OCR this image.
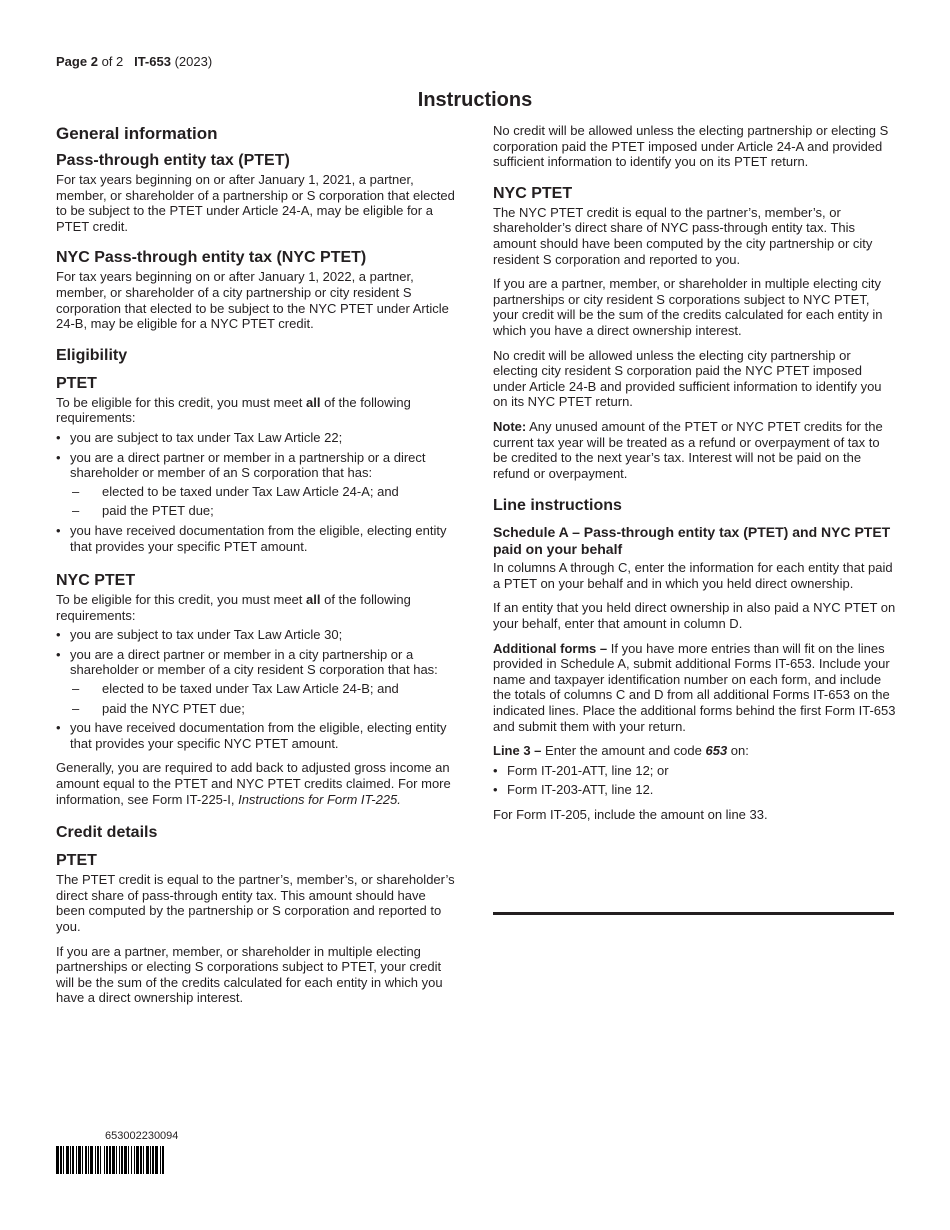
Page 2 of 2 IT-653 (2023)
Instructions
General information
Pass-through entity tax (PTET)

For tax years beginning on or after January 1, 2021, a partner, member, or shareholder of a partnership or S corporation that elected to be subject to the PTET under Article 24-A, may be eligible for a PTET credit.

NYC Pass-through entity tax (NYC PTET)

For tax years beginning on or after January 1, 2022, a partner, member, or shareholder of a city partnership or city resident S corporation that elected to be subject to the NYC PTET under Article 24-B, may be eligible for a NYC PTET credit.

Eligibility
PTET

To be eligible for this credit, you must meet all of the following requirements:

• you are subject to tax under Tax Law Article 22;
• you are a direct partner or member in a partnership or a direct shareholder or member of an S corporation that has:
– elected to be taxed under Tax Law Article 24-A; and
– paid the PTET due;
• you have received documentation from the eligible, electing entity that provides your specific PTET amount.
NYC PTET

To be eligible for this credit, you must meet all of the following requirements:

• you are subject to tax under Tax Law Article 30;
• you are a direct partner or member in a city partnership or a shareholder or member of a city resident S corporation that has:
– elected to be taxed under Tax Law Article 24-B; and
– paid the NYC PTET due;
• you have received documentation from the eligible, electing entity that provides your specific NYC PTET amount.

Generally, you are required to add back to adjusted gross income an amount equal to the PTET and NYC PTET credits claimed. For more information, see Form IT-225-I, Instructions for Form IT-225.

Credit details
PTET

The PTET credit is equal to the partner’s, member’s, or shareholder’s direct share of pass-through entity tax. This amount should have been computed by the partnership or S corporation and reported to you.

If you are a partner, member, or shareholder in multiple electing partnerships or electing S corporations subject to PTET, your credit will be the sum of the credits calculated for each entity in which you have a direct ownership interest.

No credit will be allowed unless the electing partnership or electing S corporation paid the PTET imposed under Article 24-A and provided sufficient information to identify you on its PTET return.

NYC PTET

The NYC PTET credit is equal to the partner’s, member’s, or shareholder’s direct share of NYC pass-through entity tax. This amount should have been computed by the city partnership or city resident S corporation and reported to you.

If you are a partner, member, or shareholder in multiple electing city partnerships or city resident S corporations subject to NYC PTET, your credit will be the sum of the credits calculated for each entity in which you have a direct ownership interest.

No credit will be allowed unless the electing city partnership or electing city resident S corporation paid the NYC PTET imposed under Article 24-B and provided sufficient information to identify you on its NYC PTET return.

Note: Any unused amount of the PTET or NYC PTET credits for the current tax year will be treated as a refund or overpayment of tax to be credited to the next year’s tax. Interest will not be paid on the refund or overpayment.

Line instructions
Schedule A – Pass-through entity tax (PTET) and NYC PTET paid on your behalf

In columns A through C, enter the information for each entity that paid a PTET on your behalf and in which you held direct ownership.

If an entity that you held direct ownership in also paid a NYC PTET on your behalf, enter that amount in column D.

Additional forms – If you have more entries than will fit on the lines provided in Schedule A, submit additional Forms IT-653. Include your name and taxpayer identification number on each form, and include the totals of columns C and D from all additional Forms IT-653 on the indicated lines. Place the additional forms behind the first Form IT-653 and submit them with your return.

Line 3 – Enter the amount and code 653 on:

• Form IT-201-ATT, line 12; or
• Form IT-203-ATT, line 12.

For Form IT-205, include the amount on line 33.

653002230094
